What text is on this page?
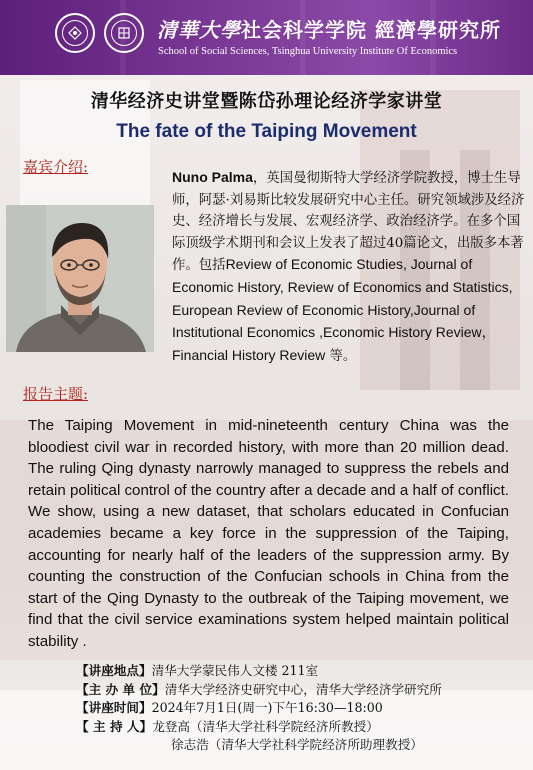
清華大學社会科学学院 經濟學研究所
School of Social Sciences, Tsinghua University Institute Of Economics
清华经济史讲堂暨陈岱孙理论经济学家讲堂
The fate of the Taiping Movement
嘉宾介绍:
Nuno Palma，英国曼彻斯特大学经济学院教授，博士生导师，阿瑟·刘易斯比较发展研究中心主任。研究领域涉及经济史、经济增长与发展、宏观经济学、政治经济学。在多个国际顶级学术期刊和会议上发表了超过40篇论文，出版多本著作。包括Review of Economic Studies, Journal of Economic History, Review of Economics and Statistics, European Review of Economic History,Journal of Institutional Economics ,Economic History Review，Financial History Review 等。
报告主题:
The Taiping Movement in mid-nineteenth century China was the bloodiest civil war in recorded history, with more than 20 million dead. The ruling Qing dynasty narrowly managed to suppress the rebels and retain political control of the country after a decade and a half of conflict. We show, using a new dataset, that scholars educated in Confucian academies became a key force in the suppression of the Taiping, accounting for nearly half of the leaders of the suppression army. By counting the construction of the Confucian schools in China from the start of the Qing Dynasty to the outbreak of the Taiping movement, we find that the civil service examinations system helped maintain political stability .
【讲座地点】清华大学蒙民伟人文楼 211室
【主 办 单 位】清华大学经济史研究中心，清华大学经济学研究所
【讲座时间】2024年7月1日(周一)下午16:30—18:00
【 主 持 人】龙登高（清华大学社科学院经济所教授）
徐志浩（清华大学社科学院经济所助理教授）
